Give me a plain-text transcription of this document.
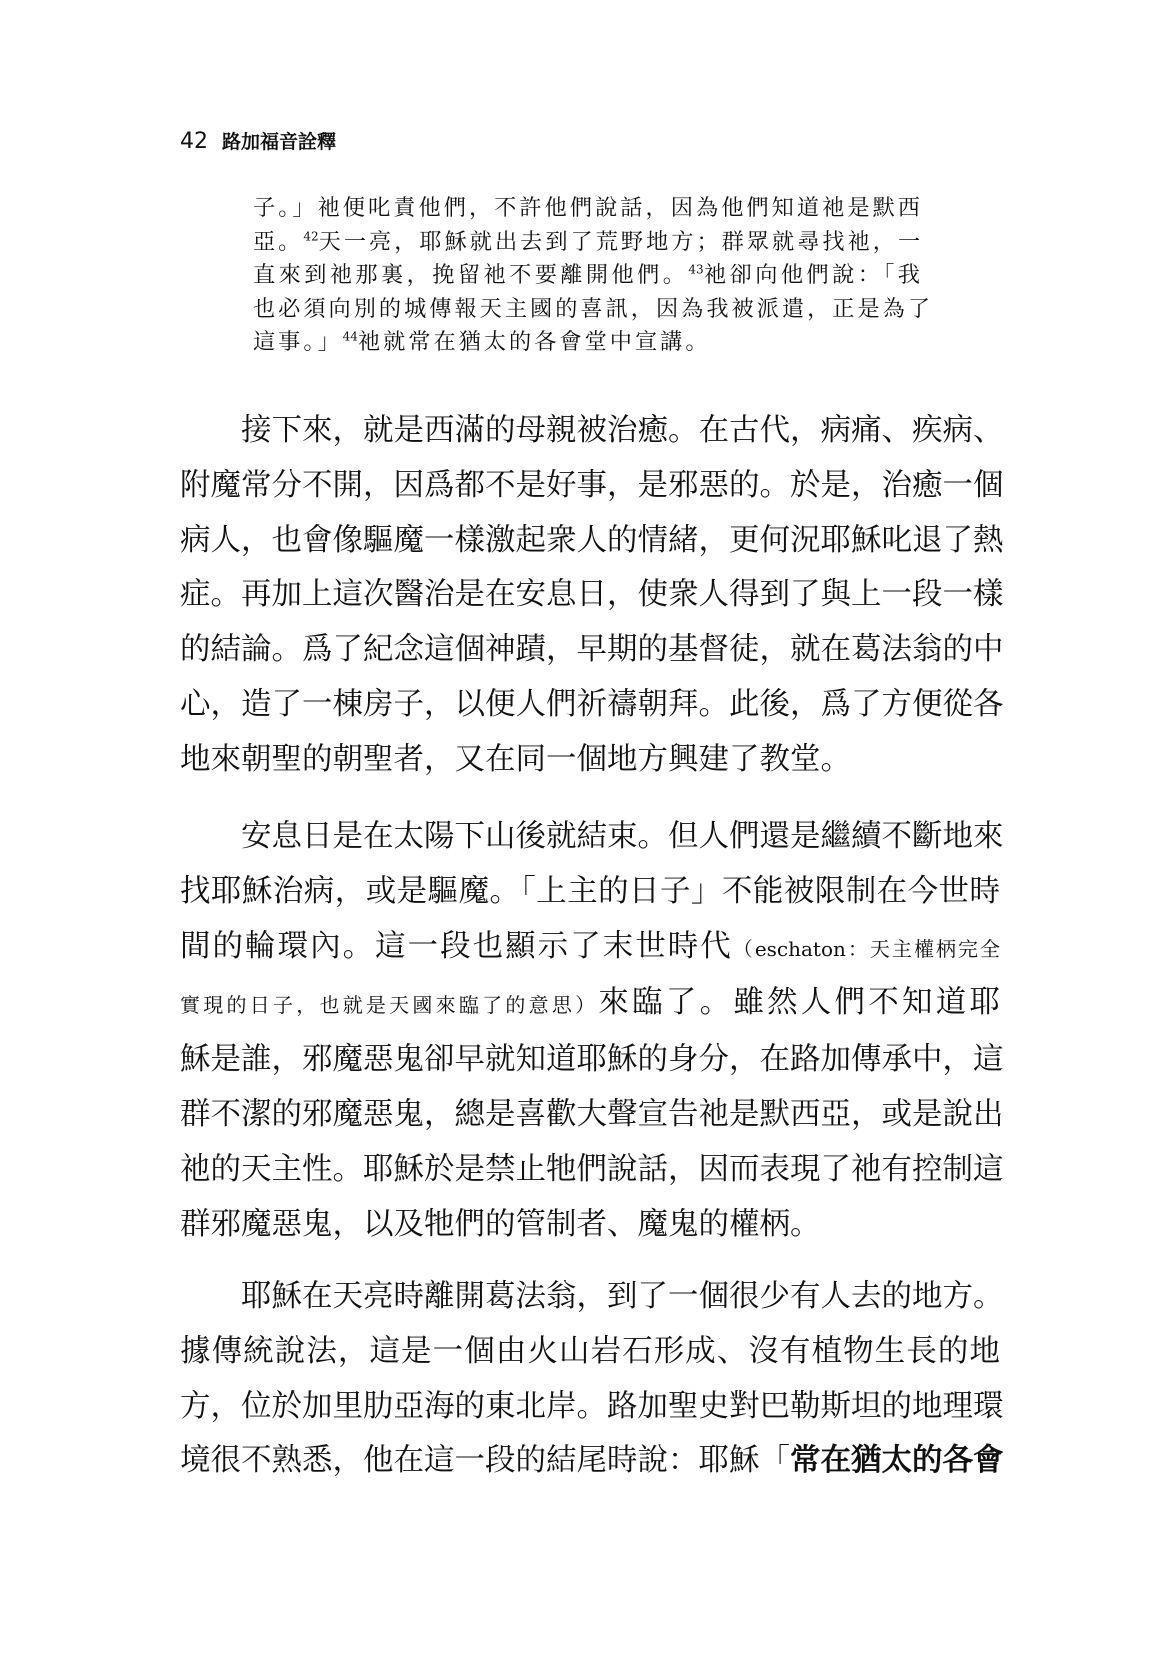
42 路加福音詮釋
子。」祂便叱責他們，不許他們說話，因為他們知道祂是默西
亞。$^{42}$天一亮，耶穌就出去到了荒野地方；群眾就尋找祂，一
直來到祂那裏，挽留祂不要離開他們。$^{43}$祂卻向他們說：「我
也必須向別的城傳報天主國的喜訊，因為我被派遣，正是為了
這事。」$^{44}$祂就常在猶太的各會堂中宣講。
　　接下來，就是西滿的母親被治癒。在古代，病痛、疾病、
附魔常分不開，因爲都不是好事，是邪惡的。於是，治癒一個
病人，也會像驅魔一樣激起衆人的情緒，更何況耶穌叱退了熱
症。再加上這次醫治是在安息日，使衆人得到了與上一段一樣
的結論。爲了紀念這個神蹟，早期的基督徒，就在葛法翁的中
心，造了一棟房子，以便人們祈禱朝拜。此後，爲了方便從各
地來朝聖的朝聖者，又在同一個地方興建了教堂。
　　安息日是在太陽下山後就結束。但人們還是繼續不斷地來
找耶穌治病，或是驅魔。「上主的日子」不能被限制在今世時
間的輪環內。這一段也顯示了末世時代（eschaton：天主權柄完全
實現的日子，也就是天國來臨了的意思）來臨了。雖然人們不知道耶
穌是誰，邪魔惡鬼卻早就知道耶穌的身分，在路加傳承中，這
群不潔的邪魔惡鬼，總是喜歡大聲宣告祂是默西亞，或是說出
祂的天主性。耶穌於是禁止牠們說話，因而表現了祂有控制這
群邪魔惡鬼，以及牠們的管制者、魔鬼的權柄。
　　耶穌在天亮時離開葛法翁，到了一個很少有人去的地方。
據傳統說法，這是一個由火山岩石形成、沒有植物生長的地
方，位於加里肋亞海的東北岸。路加聖史對巴勒斯坦的地理環
境很不熟悉，他在這一段的結尾時說：耶穌「常在猶太的各會
